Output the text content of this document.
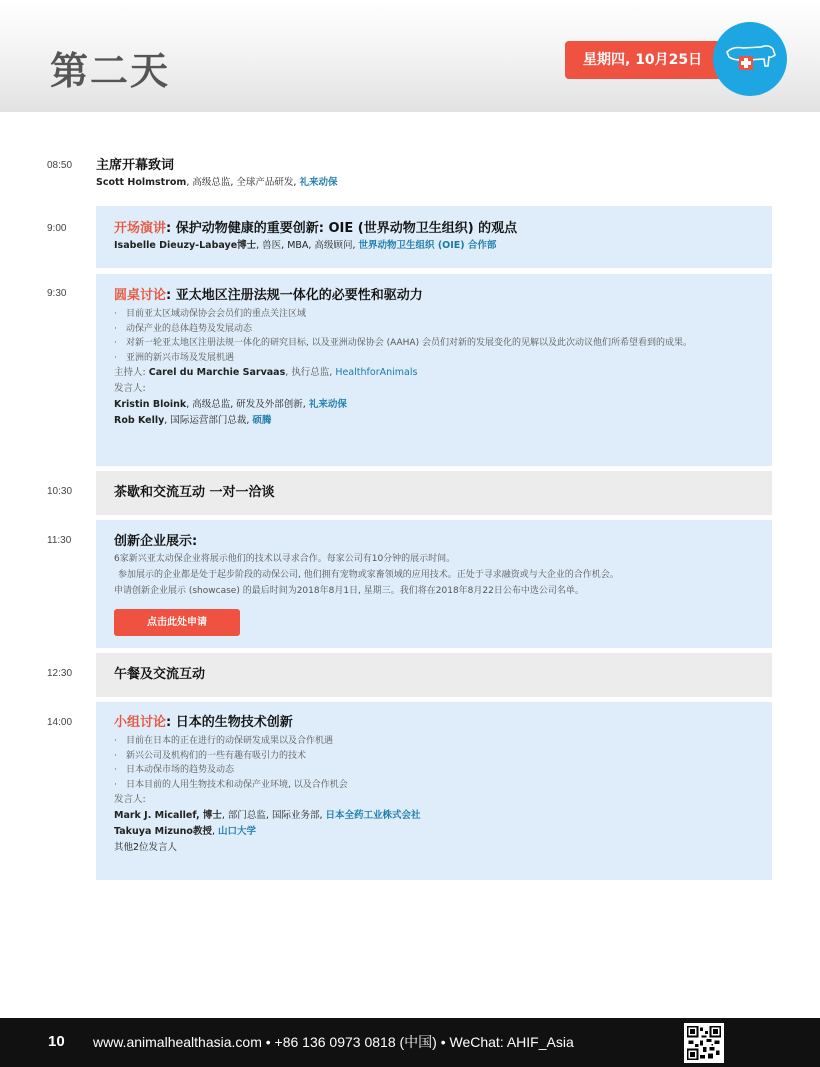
第二天	星期四, 10月25日
08:50 主席开幕致词
Scott Holmstrom, 高级总监, 全球产品研发, 礼来动保
9:00	开场演讲: 保护动物健康的重要创新: OIE (世界动物卫生组织) 的观点
Isabelle Dieuzy-Labaye博士, 兽医, MBA, 高级顾问, 世界动物卫生组织 (OIE) 合作部
9:30	圆桌讨论: 亚太地区注册法规一体化的必要性和驱动力
· 目前亚太区域动保协会会员们的重点关注区域
· 动保产业的总体趋势及发展动态
· 对新一轮亚太地区注册法规一体化的研究目标, 以及亚洲动保协会 (AAHA) 会员们对新的发展变化的见解以及此次动议他们所希望看到的成果。
· 亚洲的新兴市场及发展机遇
主持人: Carel du Marchie Sarvaas, 执行总监, HealthforAnimals
发言人:
Kristin Bloink, 高级总监, 研发及外部创新, 礼来动保
Rob Kelly, 国际运营部门总裁, 硕腾
10:30	茶歇和交流互动 一对一洽谈
11:30	创新企业展示:
6家新兴亚太动保企业将展示他们的技术以寻求合作。每家公司有10分钟的展示时间。
参加展示的企业都是处于起步阶段的动保公司, 他们拥有宠物或家畜领域的应用技术。正处于寻求融资或与大企业的合作机会。
申请创新企业展示 (showcase) 的最后时间为2018年8月1日, 星期三。我们将在2018年8月22日公布中选公司名单。
点击此处申请
12:30	午餐及交流互动
14:00	小组讨论: 日本的生物技术创新
· 目前在日本的正在进行的动保研发成果以及合作机遇
· 新兴公司及机构们的一些有趣有吸引力的技术
· 日本动保市场的趋势及动态
· 日本目前的人用生物技术和动保产业环境, 以及合作机会
发言人:
Mark J. Micallef, 博士, 部门总监, 国际业务部, 日本全药工业株式会社
Takuya Mizuno教授, 山口大学
其他2位发言人
10 www.animalhealthasia.com • +86 136 0973 0818 (中国) • WeChat: AHIF_Asia
